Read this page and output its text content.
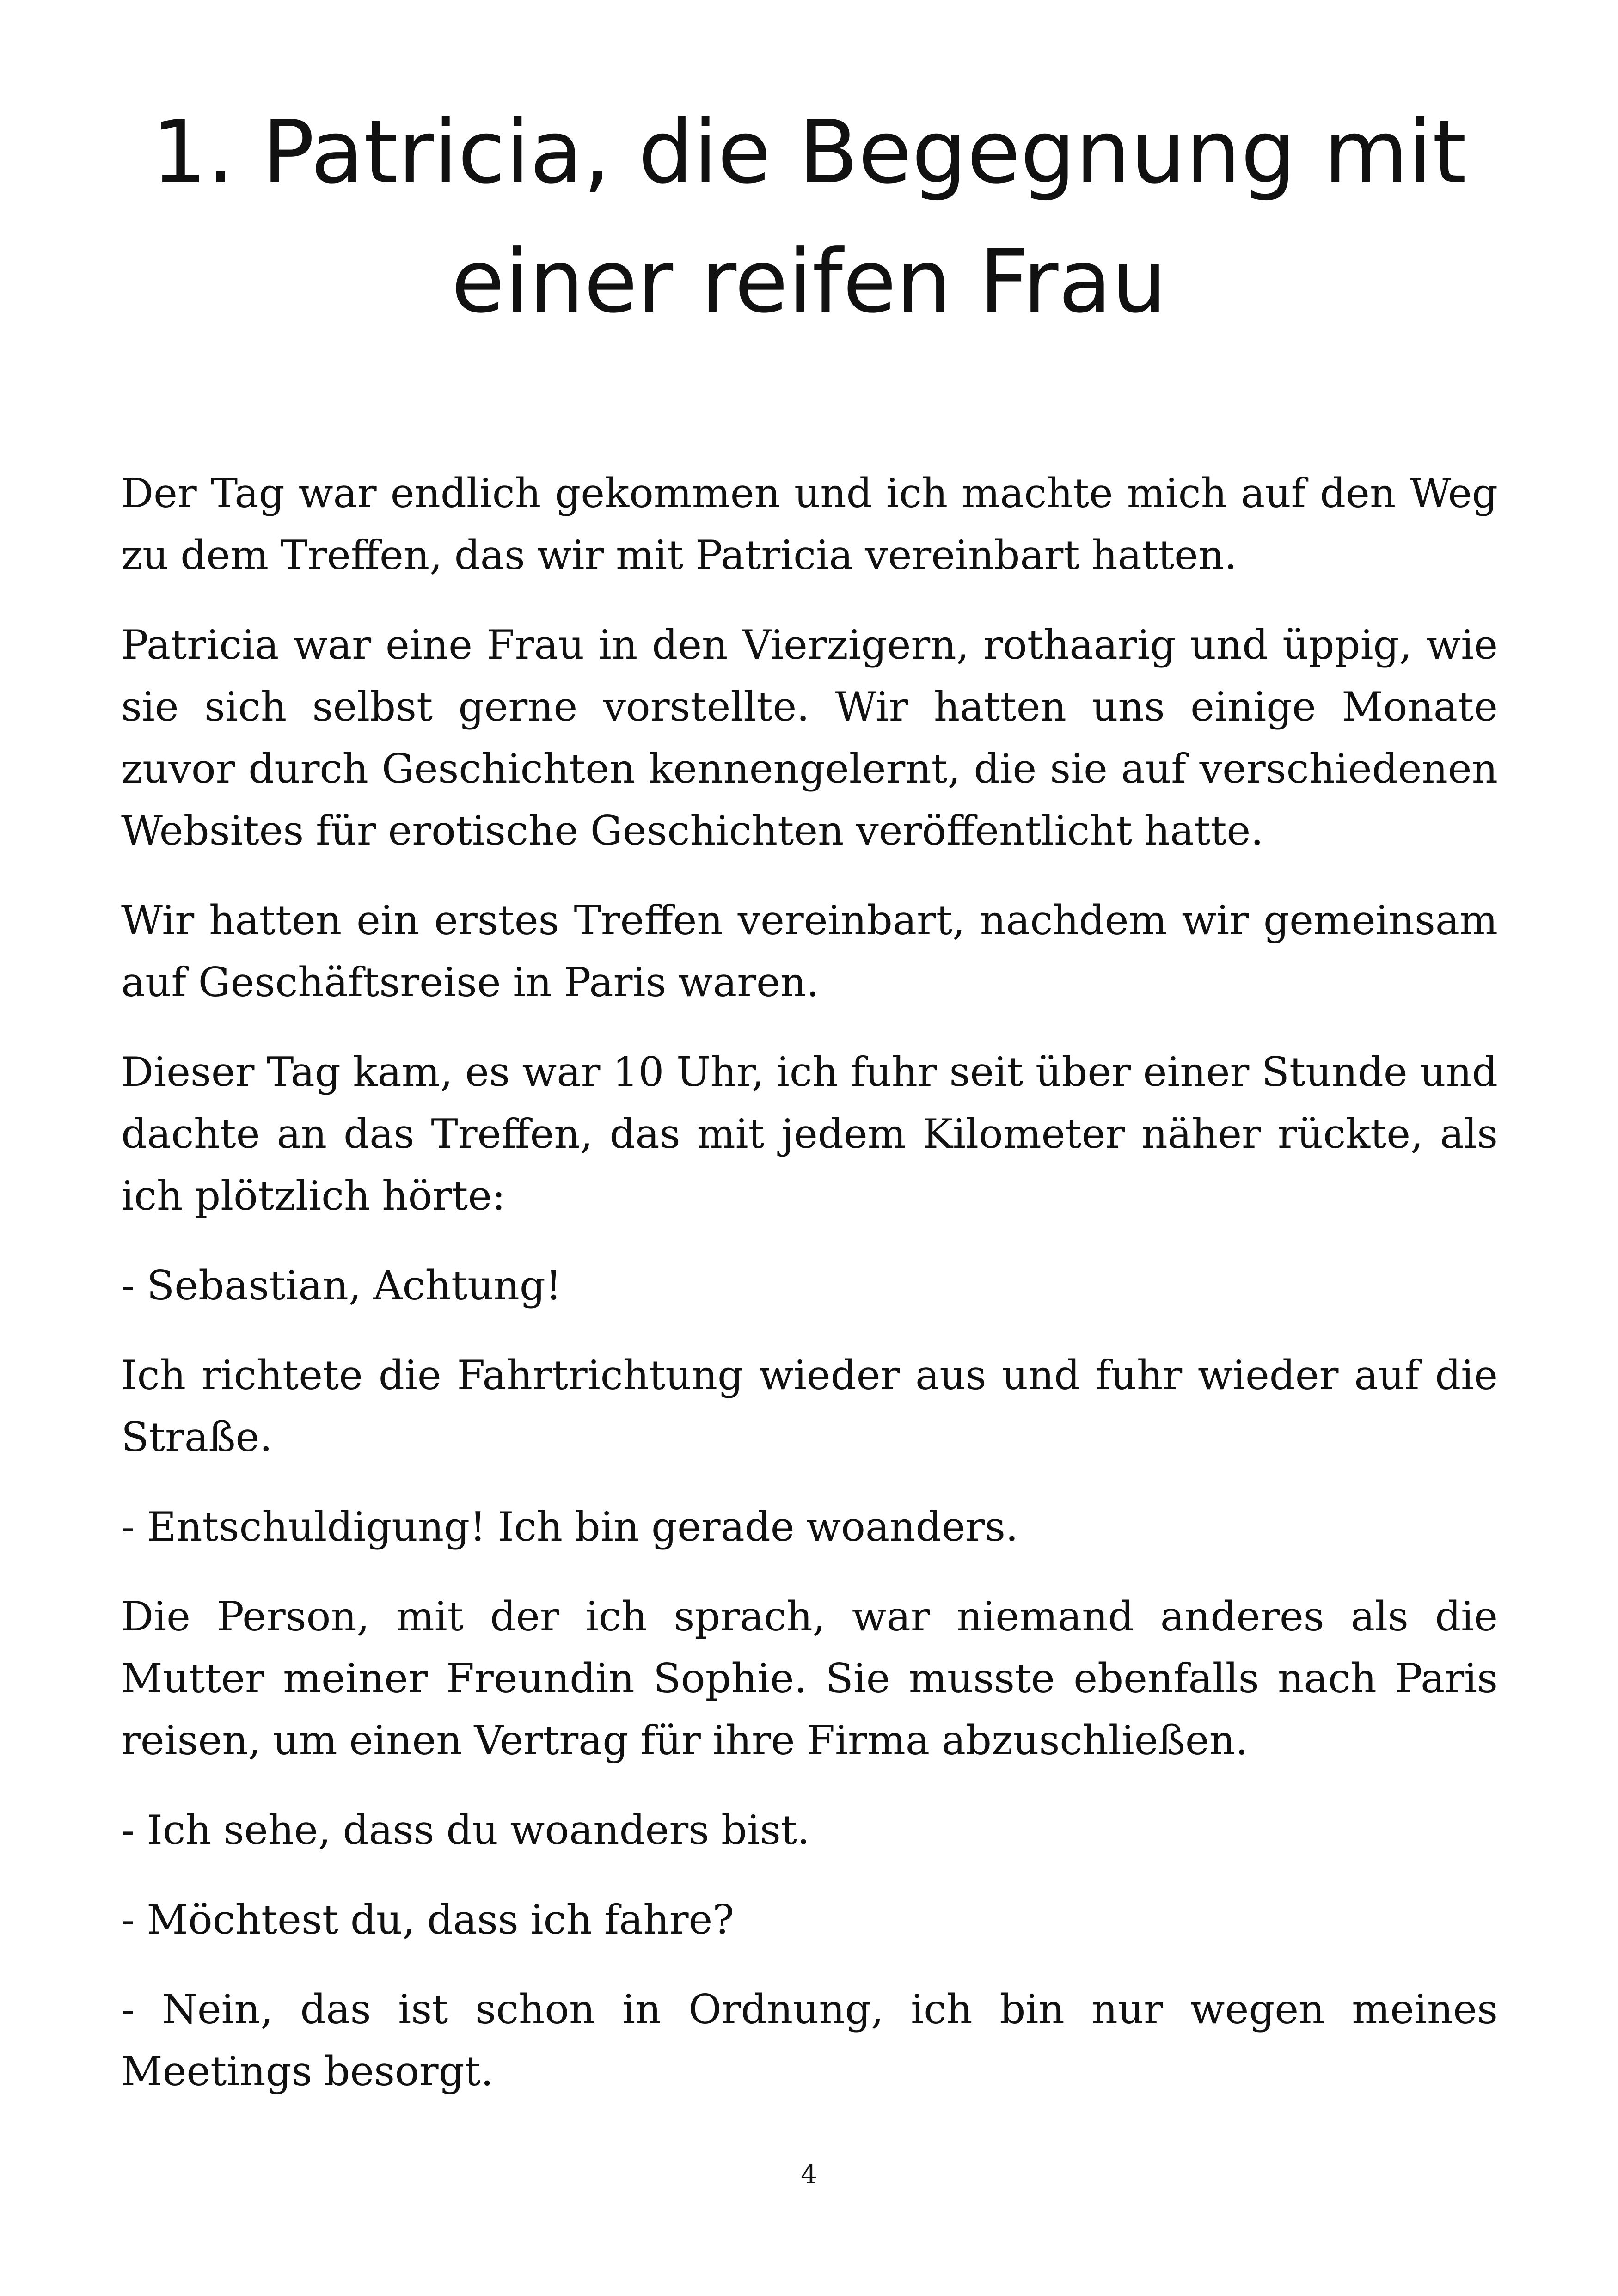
1. Patricia, die Begegnung mit
einer reifen Frau

Der Tag war endlich gekommen und ich machte mich auf den Weg zu dem Treffen, das wir mit Patricia vereinbart hatten.

Patricia war eine Frau in den Vierzigern, rothaarig und üppig, wie sie sich selbst gerne vorstellte. Wir hatten uns einige Monate zuvor durch Geschichten kennengelernt, die sie auf verschiedenen Websites für erotische Geschichten veröffentlicht hatte.

Wir hatten ein erstes Treffen vereinbart, nachdem wir gemeinsam auf Geschäftsreise in Paris waren.

Dieser Tag kam, es war 10 Uhr, ich fuhr seit über einer Stunde und dachte an das Treffen, das mit jedem Kilometer näher rückte, als ich plötzlich hörte:

- Sebastian, Achtung!

Ich richtete die Fahrtrichtung wieder aus und fuhr wieder auf die Straße.

- Entschuldigung! Ich bin gerade woanders.

Die Person, mit der ich sprach, war niemand anderes als die Mutter meiner Freundin Sophie. Sie musste ebenfalls nach Paris reisen, um einen Vertrag für ihre Firma abzuschließen.

- Ich sehe, dass du woanders bist.

- Möchtest du, dass ich fahre?

- Nein, das ist schon in Ordnung, ich bin nur wegen meines Meetings besorgt.

4
